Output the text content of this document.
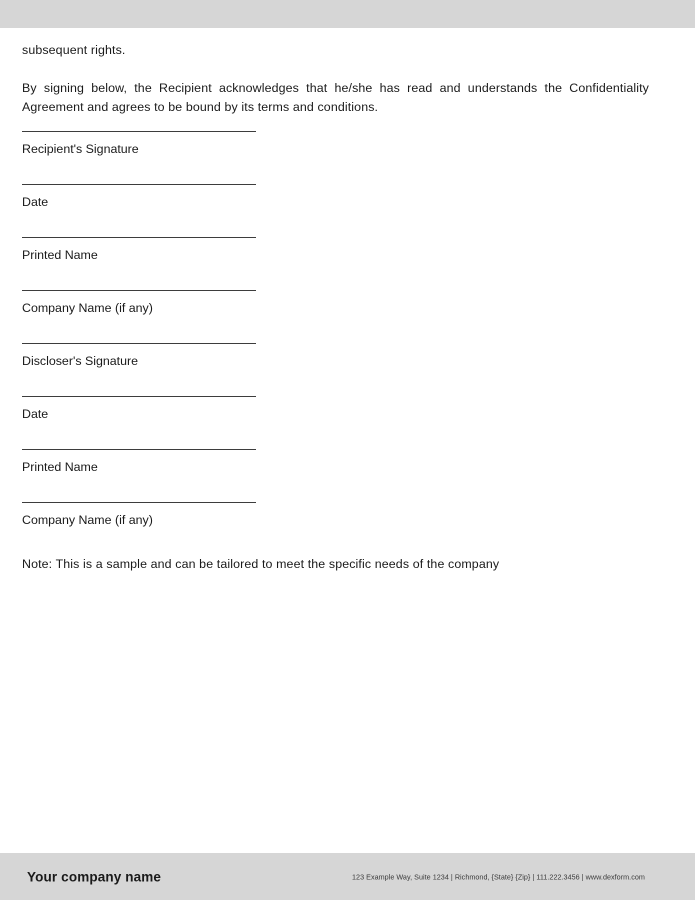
subsequent rights.

By signing below, the Recipient acknowledges that he/she has read and understands the Confidentiality Agreement and agrees to be bound by its terms and conditions.

Recipient's Signature
Date
Printed Name
Company Name (if any)
Discloser's Signature
Date
Printed Name
Company Name (if any)

Note: This is a sample and can be tailored to meet the specific needs of the company

Your company name	123 Example Way, Suite 1234 | Richmond, {State} {Zip} | 111.222.3456 | www.dexform.com
